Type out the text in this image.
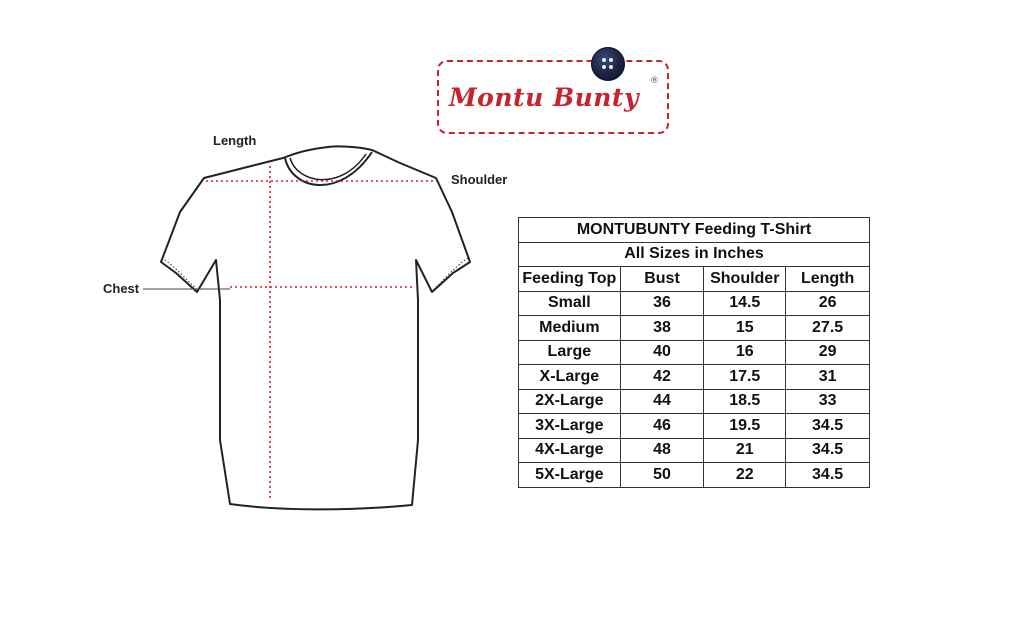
Montu Bunty
®
Length
Shoulder
Chest
MONTUBUNTY Feeding T-Shirt			
All Sizes in Inches			
Feeding Top	Bust	Shoulder	Length
Small	36	14.5	26
Medium	38	15	27.5
Large	40	16	29
X-Large	42	17.5	31
2X-Large	44	18.5	33
3X-Large	46	19.5	34.5
4X-Large	48	21	34.5
5X-Large	50	22	34.5
